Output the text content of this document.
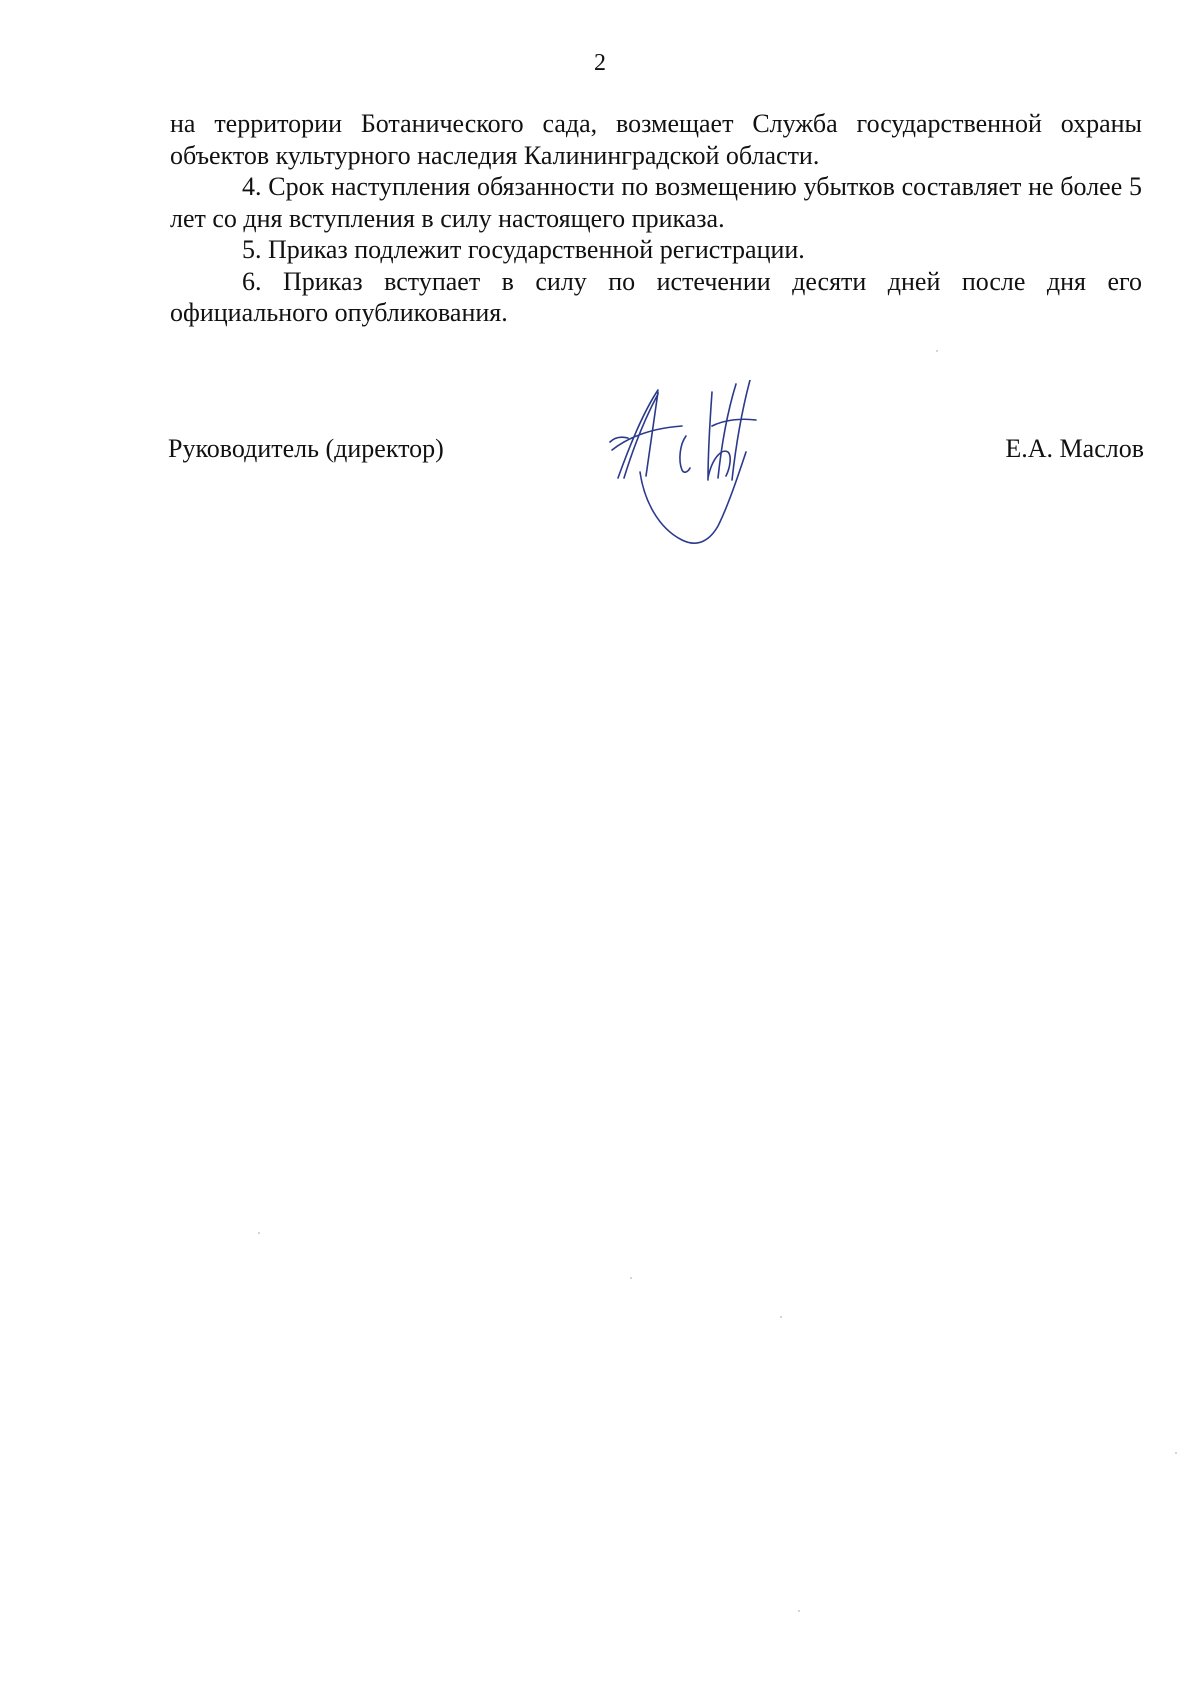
2

на территории Ботанического сада, возмещает Служба государственной охраны объектов культурного наследия Калининградской области.

4. Срок наступления обязанности по возмещению убытков составляет не более 5 лет со дня вступления в силу настоящего приказа.

5. Приказ подлежит государственной регистрации.

6. Приказ вступает в силу по истечении десяти дней после дня его официального опубликования.

Руководитель (директор)	Е.А. Маслов
